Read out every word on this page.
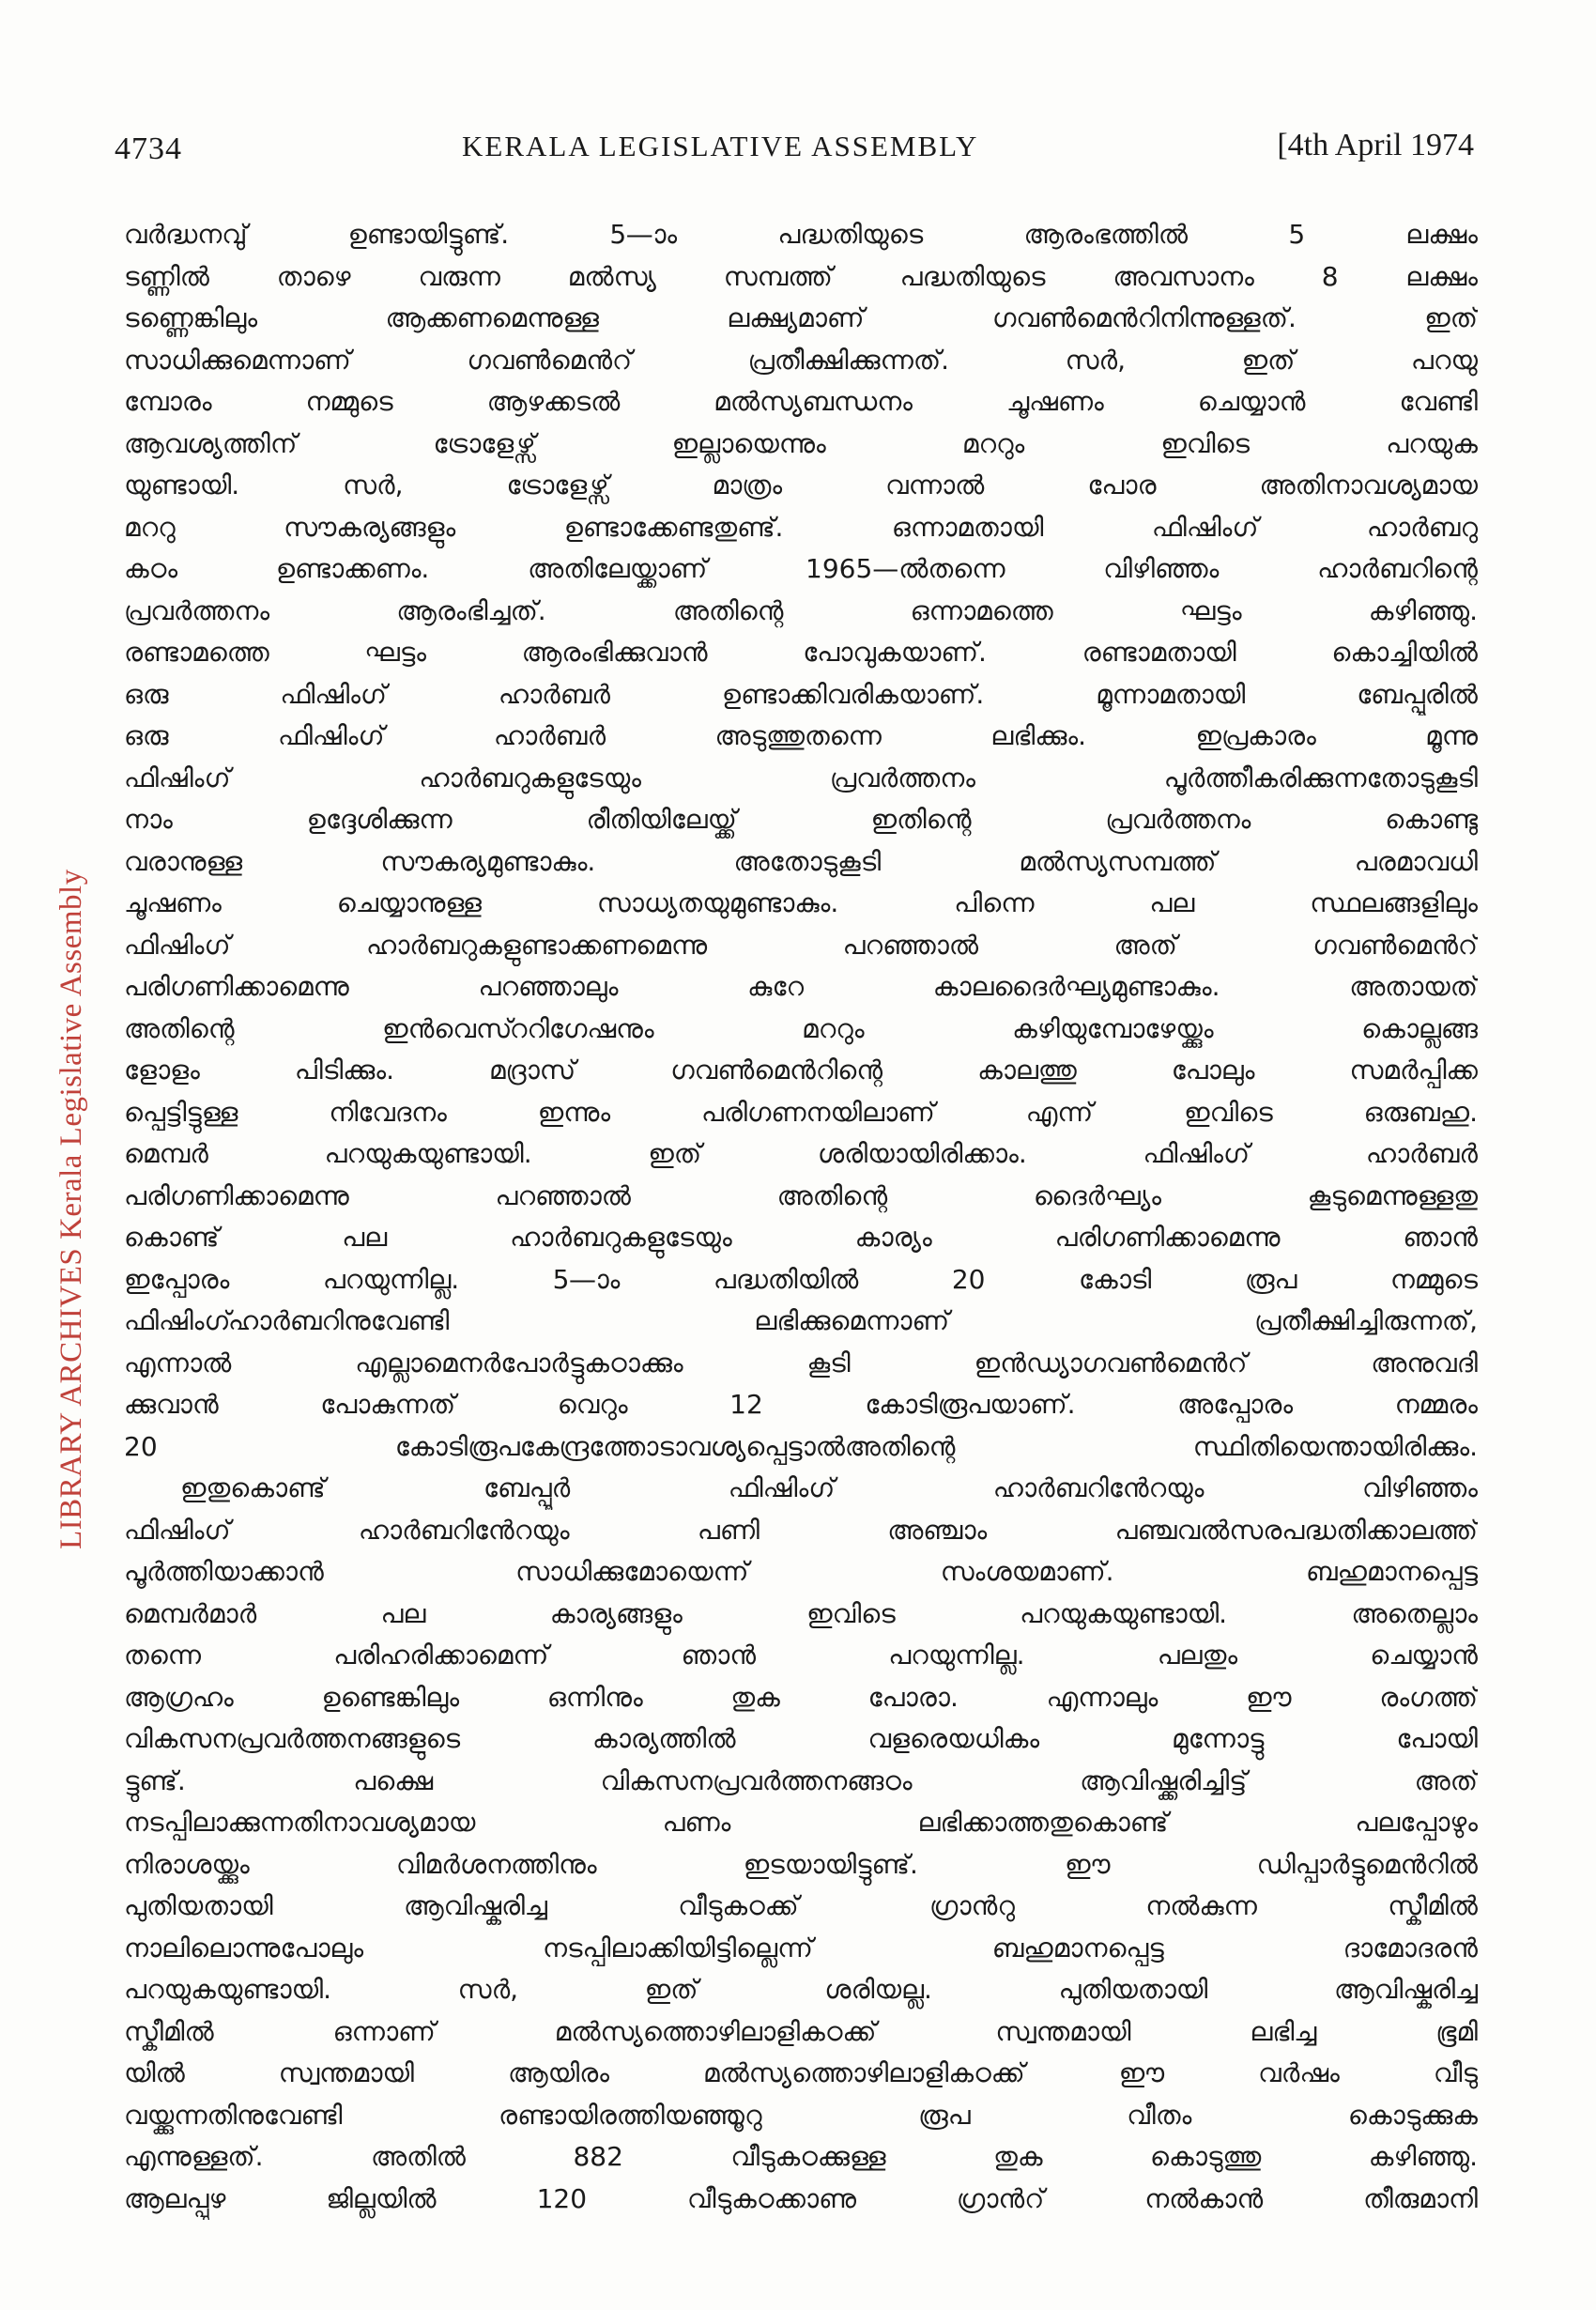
4734	KERALA LEGISLATIVE ASSEMBLY	[4th April 1974
LIBRARY ARCHIVES Kerala Legislative Assembly
വർദ്ധനവു് ഉണ്ടായിട്ടുണ്ട്. 5—ാം പദ്ധതിയുടെ ആരംഭത്തിൽ 5 ലക്ഷം
ടണ്ണിൽ താഴെ വരുന്ന മൽസ്യ സമ്പത്ത് പദ്ധതിയുടെ അവസാനം 8 ലക്ഷം
ടണ്ണെങ്കിലും ആക്കണമെന്നുള്ള ലക്ഷ്യമാണ് ഗവൺമെൻറിനിന്നുള്ളത്. ഇത്
സാധിക്കുമെന്നാണ് ഗവൺമെൻറ് പ്രതീക്ഷിക്കുന്നത്. സർ, ഇത് പറയു
മ്പോരം നമ്മുടെ ആഴക്കടൽ മൽസ്യബന്ധനം ചൂഷണം ചെയ്യാൻ വേണ്ടി
ആവശ്യത്തിന് ട്രോളേഴ്സ് ഇല്ലായെന്നും മററും ഇവിടെ പറയുക
യുണ്ടായി. സർ, ട്രോളേഴ്സ് മാത്രം വന്നാൽ പോര അതിനാവശ്യമായ
മററു സൗകര്യങ്ങളും ഉണ്ടാക്കേണ്ടതുണ്ട്. ഒന്നാമതായി ഫിഷിംഗ് ഹാർബറു
കഠം ഉണ്ടാക്കണം. അതിലേയ്ക്കാണ് 1965—ൽതന്നെ വിഴിഞ്ഞം ഹാർബറിന്റെ
പ്രവർത്തനം ആരംഭിച്ചത്. അതിന്റെ ഒന്നാമത്തെ ഘട്ടം കഴിഞ്ഞു.
രണ്ടാമത്തെ ഘട്ടം ആരംഭിക്കുവാൻ പോവുകയാണ്. രണ്ടാമതായി കൊച്ചിയിൽ
ഒരു ഫിഷിംഗ് ഹാർബർ ഉണ്ടാക്കിവരികയാണ്. മൂന്നാമതായി ബേപ്പൂരിൽ
ഒരു ഫിഷിംഗ് ഹാർബർ അടുത്തുതന്നെ ലഭിക്കും. ഇപ്രകാരം മൂന്നു
ഫിഷിംഗ് ഹാർബറുകളുടേയും പ്രവർത്തനം പൂർത്തീകരിക്കുന്നതോടുകൂടി
നാം ഉദ്ദേശിക്കുന്ന രീതിയിലേയ്ക്ക് ഇതിന്റെ പ്രവർത്തനം കൊണ്ടു
വരാനുള്ള സൗകര്യമുണ്ടാകും. അതോടുകൂടി മൽസ്യസമ്പത്ത് പരമാവധി
ചൂഷണം ചെയ്യാനുള്ള സാധ്യതയുമുണ്ടാകും. പിന്നെ പല സ്ഥലങ്ങളിലും
ഫിഷിംഗ് ഹാർബറുകളുണ്ടാക്കണമെന്നു പറഞ്ഞാൽ അത് ഗവൺമെൻറ്
പരിഗണിക്കാമെന്നു പറഞ്ഞാലും കുറേ കാലദൈർഘ്യമുണ്ടാകും. അതായത്
അതിന്റെ ഇൻവെസ്ററിഗേഷനും മററും കഴിയുമ്പോഴേയ്ക്കും കൊല്ലങ്ങ
ളോളം പിടിക്കും. മദ്രാസ് ഗവൺമെൻറിന്റെ കാലത്തു പോലും സമർപ്പിക്ക
പ്പെട്ടിട്ടുള്ള നിവേദനം ഇന്നും പരിഗണനയിലാണ് എന്ന് ഇവിടെ ഒരുബഹു.
മെമ്പർ പറയുകയുണ്ടായി. ഇത് ശരിയായിരിക്കാം. ഫിഷിംഗ് ഹാർബർ
പരിഗണിക്കാമെന്നു പറഞ്ഞാൽ അതിന്റെ ദൈർഘ്യം കൂടുമെന്നുള്ളതു
കൊണ്ട് പല ഹാർബറുകളുടേയും കാര്യം പരിഗണിക്കാമെന്നു ഞാൻ
ഇപ്പോരം പറയുന്നില്ല. 5—ാം പദ്ധതിയിൽ 20 കോടി രൂപ നമ്മുടെ
ഫിഷിംഗ്ഹാർബറിനുവേണ്ടി ലഭിക്കുമെന്നാണ് പ്രതീക്ഷിച്ചിരുന്നത്,
എന്നാൽ എല്ലാമെനർപോർട്ടുകഠാക്കും കൂടി ഇൻഡ്യാഗവൺമെൻറ് അനുവദി
ക്കുവാൻ പോകുന്നത് വെറും 12 കോടിരൂപയാണ്. അപ്പോരം നമ്മരം
20 കോടിരൂപകേന്ദ്രത്തോടാവശ്യപ്പെട്ടാൽഅതിന്റെ സ്ഥിതിയെന്തായിരിക്കും.
ഇതുകൊണ്ട് ബേപ്പൂർ ഫിഷിംഗ് ഹാർബറിൻേറയും വിഴിഞ്ഞം
ഫിഷിംഗ് ഹാർബറിൻേറയും പണി അഞ്ചാം പഞ്ചവൽസരപദ്ധതിക്കാലത്ത്
പൂർത്തിയാക്കാൻ സാധിക്കുമോയെന്ന് സംശയമാണ്. ബഹുമാനപ്പെട്ട
മെമ്പർമാർ പല കാര്യങ്ങളും ഇവിടെ പറയുകയുണ്ടായി. അതെല്ലാം
തന്നെ പരിഹരിക്കാമെന്ന് ഞാൻ പറയുന്നില്ല. പലതും ചെയ്യാൻ
ആഗ്രഹം ഉണ്ടെങ്കിലും ഒന്നിനും തുക പോരാ. എന്നാലും ഈ രംഗത്ത്
വികസനപ്രവർത്തനങ്ങളുടെ കാര്യത്തിൽ വളരെയധികം മുന്നോട്ടു പോയി
ട്ടുണ്ട്. പക്ഷെ വികസനപ്രവർത്തനങ്ങഠം ആവിഷ്ക്കരിച്ചിട്ട് അത്
നടപ്പിലാക്കുന്നതിനാവശ്യമായ പണം ലഭിക്കാത്തതുകൊണ്ട് പലപ്പോഴും
നിരാശയ്ക്കും വിമർശനത്തിനും ഇടയായിട്ടുണ്ട്. ഈ ഡിപ്പാർട്ടുമെൻറിൽ
പുതിയതായി ആവിഷ്കരിച്ച വീടുകഠക്ക് ഗ്രാൻറു നൽകുന്ന സ്കീമിൽ
നാലിലൊന്നുപോലും നടപ്പിലാക്കിയിട്ടില്ലെന്ന് ബഹുമാനപ്പെട്ട ദാമോദരൻ
പറയുകയുണ്ടായി. സർ, ഇത് ശരിയല്ല. പുതിയതായി ആവിഷ്കരിച്ച
സ്കീമിൽ ഒന്നാണ് മൽസ്യത്തൊഴിലാളികഠക്ക് സ്വന്തമായി ലഭിച്ച ഭൂമി
യിൽ സ്വന്തമായി ആയിരം മൽസ്യത്തൊഴിലാളികഠക്ക് ഈ വർഷം വീടു
വയ്ക്കുന്നതിനുവേണ്ടി രണ്ടായിരത്തിയഞ്ഞൂറു രൂപ വീതം കൊടുക്കുക
എന്നുള്ളത്. അതിൽ 882 വീടുകഠക്കുള്ള തുക കൊടുത്തു കഴിഞ്ഞു.
ആലപ്പുഴ ജില്ലയിൽ 120 വീടുകഠക്കാണു ഗ്രാൻറ് നൽകാൻ തീരുമാനി
